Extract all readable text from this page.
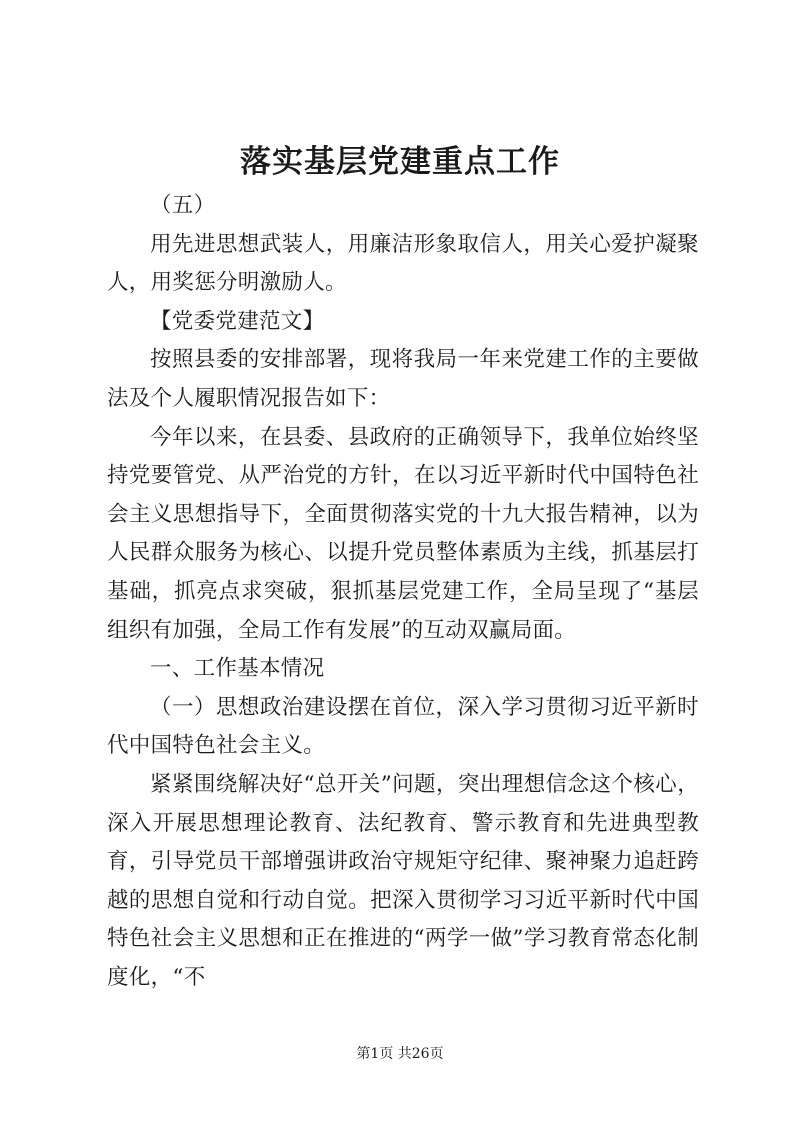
落实基层党建重点工作

（五）

用先进思想武装人，用廉洁形象取信人，用关心爱护凝聚人，用奖惩分明激励人。

【党委党建范文】

按照县委的安排部署，现将我局一年来党建工作的主要做法及个人履职情况报告如下：

今年以来，在县委、县政府的正确领导下，我单位始终坚持党要管党、从严治党的方针，在以习近平新时代中国特色社会主义思想指导下，全面贯彻落实党的十九大报告精神，以为人民群众服务为核心、以提升党员整体素质为主线，抓基层打基础，抓亮点求突破，狠抓基层党建工作，全局呈现了“基层组织有加强，全局工作有发展”的互动双赢局面。

一、工作基本情况

（一）思想政治建设摆在首位，深入学习贯彻习近平新时代中国特色社会主义。

紧紧围绕解决好“总开关”问题，突出理想信念这个核心，深入开展思想理论教育、法纪教育、警示教育和先进典型教育，引导党员干部增强讲政治守规矩守纪律、聚神聚力追赶跨越的思想自觉和行动自觉。把深入贯彻学习习近平新时代中国特色社会主义思想和正在推进的“两学一做”学习教育常态化制度化，“不

第1页 共26页
